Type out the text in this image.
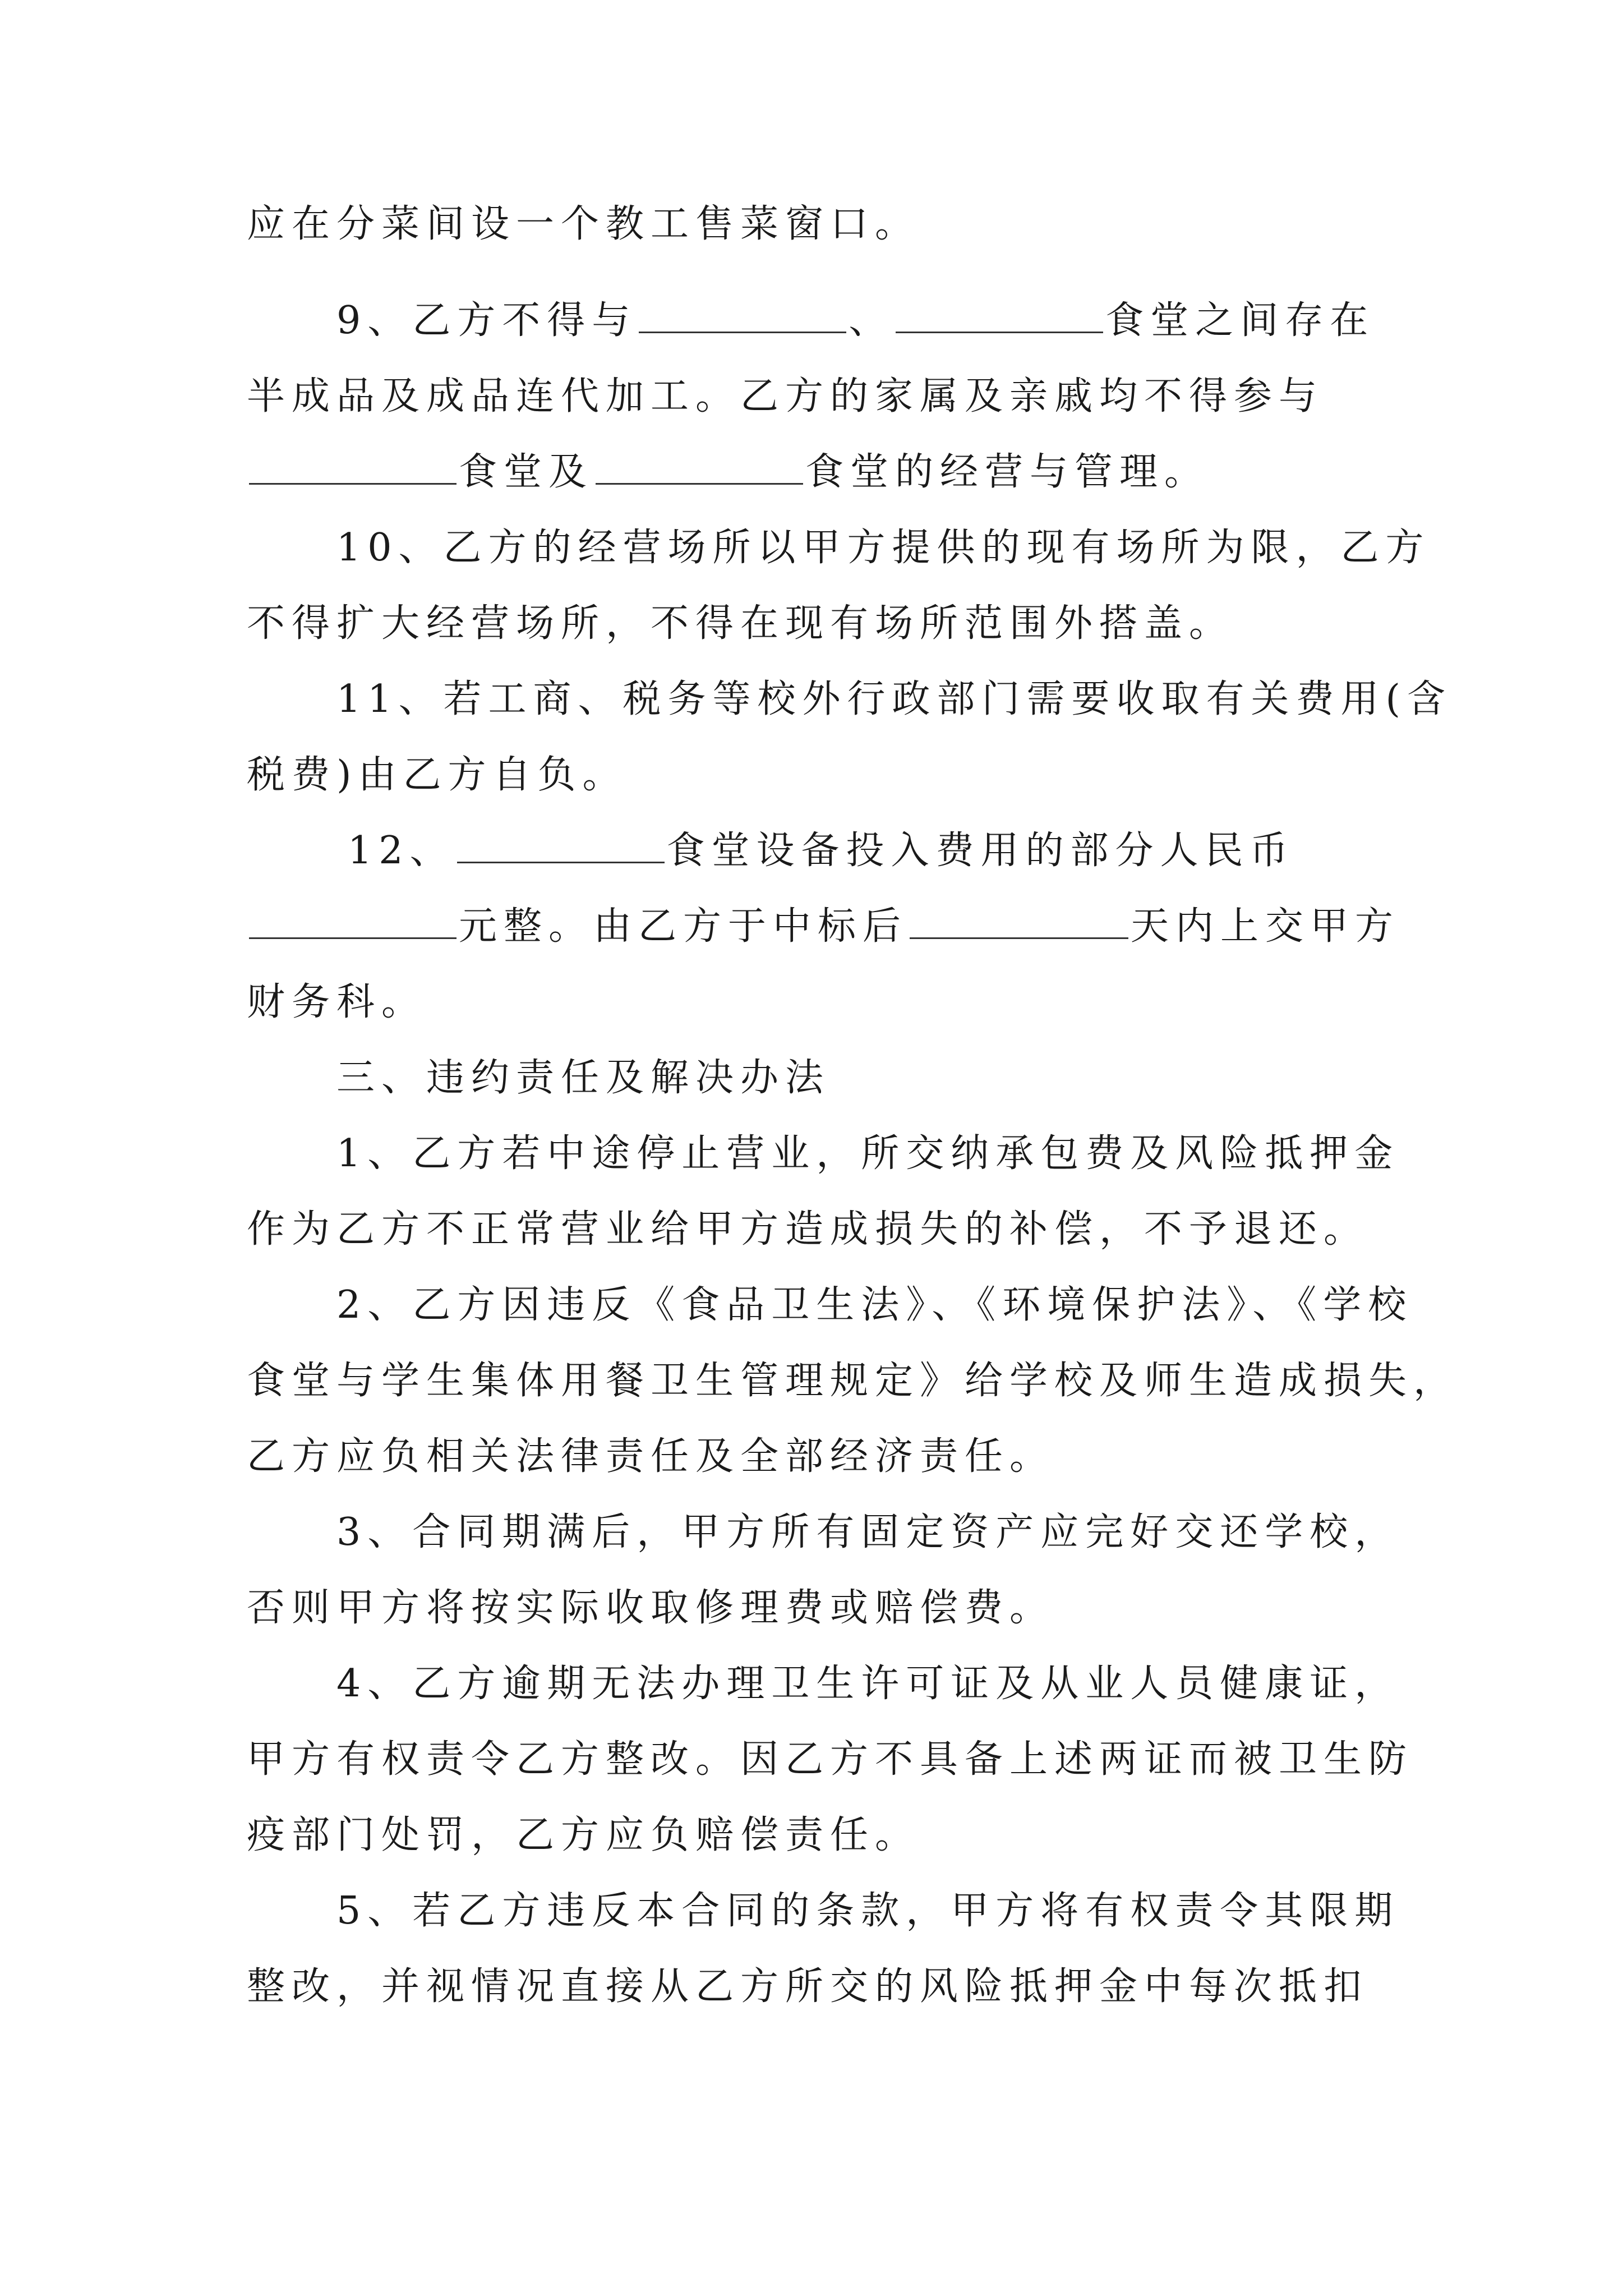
应在分菜间设一个教工售菜窗口。
9、乙方不得与	、	食堂之间存在
半成品及成品连代加工。乙方的家属及亲戚均不得参与
食堂及	食堂的经营与管理。
10、乙方的经营场所以甲方提供的现有场所为限，乙方
不得扩大经营场所，不得在现有场所范围外搭盖。
11、若工商、税务等校外行政部门需要收取有关费用(含
税费)由乙方自负。
12、	食堂设备投入费用的部分人民币
元整。由乙方于中标后	天内上交甲方
财务科。
三、违约责任及解决办法
1、乙方若中途停止营业，所交纳承包费及风险抵押金
作为乙方不正常营业给甲方造成损失的补偿，不予退还。
2、乙方因违反《食品卫生法》、《环境保护法》、《学校
食堂与学生集体用餐卫生管理规定》给学校及师生造成损失，
乙方应负相关法律责任及全部经济责任。
3、合同期满后，甲方所有固定资产应完好交还学校，
否则甲方将按实际收取修理费或赔偿费。
4、乙方逾期无法办理卫生许可证及从业人员健康证，
甲方有权责令乙方整改。因乙方不具备上述两证而被卫生防
疫部门处罚，乙方应负赔偿责任。
5、若乙方违反本合同的条款，甲方将有权责令其限期
整改，并视情况直接从乙方所交的风险抵押金中每次抵扣
